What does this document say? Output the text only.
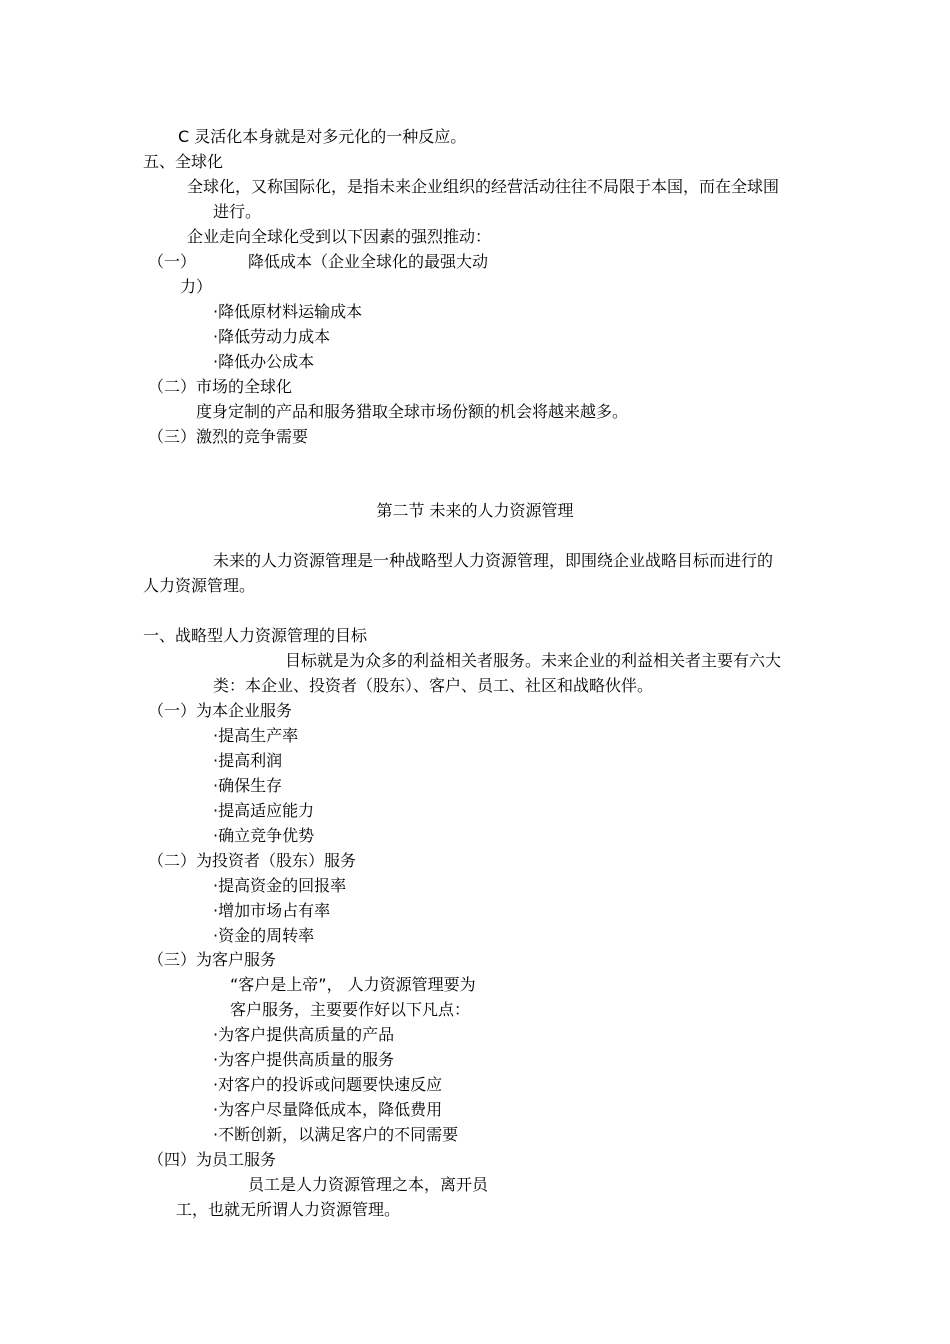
C 灵活化本身就是对多元化的一种反应。
五、全球化
全球化，又称国际化，是指未来企业组织的经营活动往往不局限于本国，而在全球围
进行。
企业走向全球化受到以下因素的强烈推动：
（一）	降低成本（企业全球化的最强大动
力）
·降低原材料运输成本
·降低劳动力成本
·降低办公成本
（二）市场的全球化
度身定制的产品和服务猎取全球市场份额的机会将越来越多。
（三）激烈的竞争需要
第二节 未来的人力资源管理
未来的人力资源管理是一种战略型人力资源管理，即围绕企业战略目标而进行的
人力资源管理。
一、战略型人力资源管理的目标
目标就是为众多的利益相关者服务。未来企业的利益相关者主要有六大
类：本企业、投资者（股东）、客户、员工、社区和战略伙伴。
（一）为本企业服务
·提高生产率
·提高利润
·确保生存
·提高适应能力
·确立竞争优势
（二）为投资者（股东）服务
·提高资金的回报率
·增加市场占有率
·资金的周转率
（三）为客户服务
“客户是上帝”， 人力资源管理要为
客户服务，主要要作好以下凡点：
·为客户提供高质量的产品
·为客户提供高质量的服务
·对客户的投诉或问题要快速反应
·为客户尽量降低成本，降低费用
·不断创新，以满足客户的不同需要
（四）为员工服务
员工是人力资源管理之本，离开员
工，也就无所谓人力资源管理。
